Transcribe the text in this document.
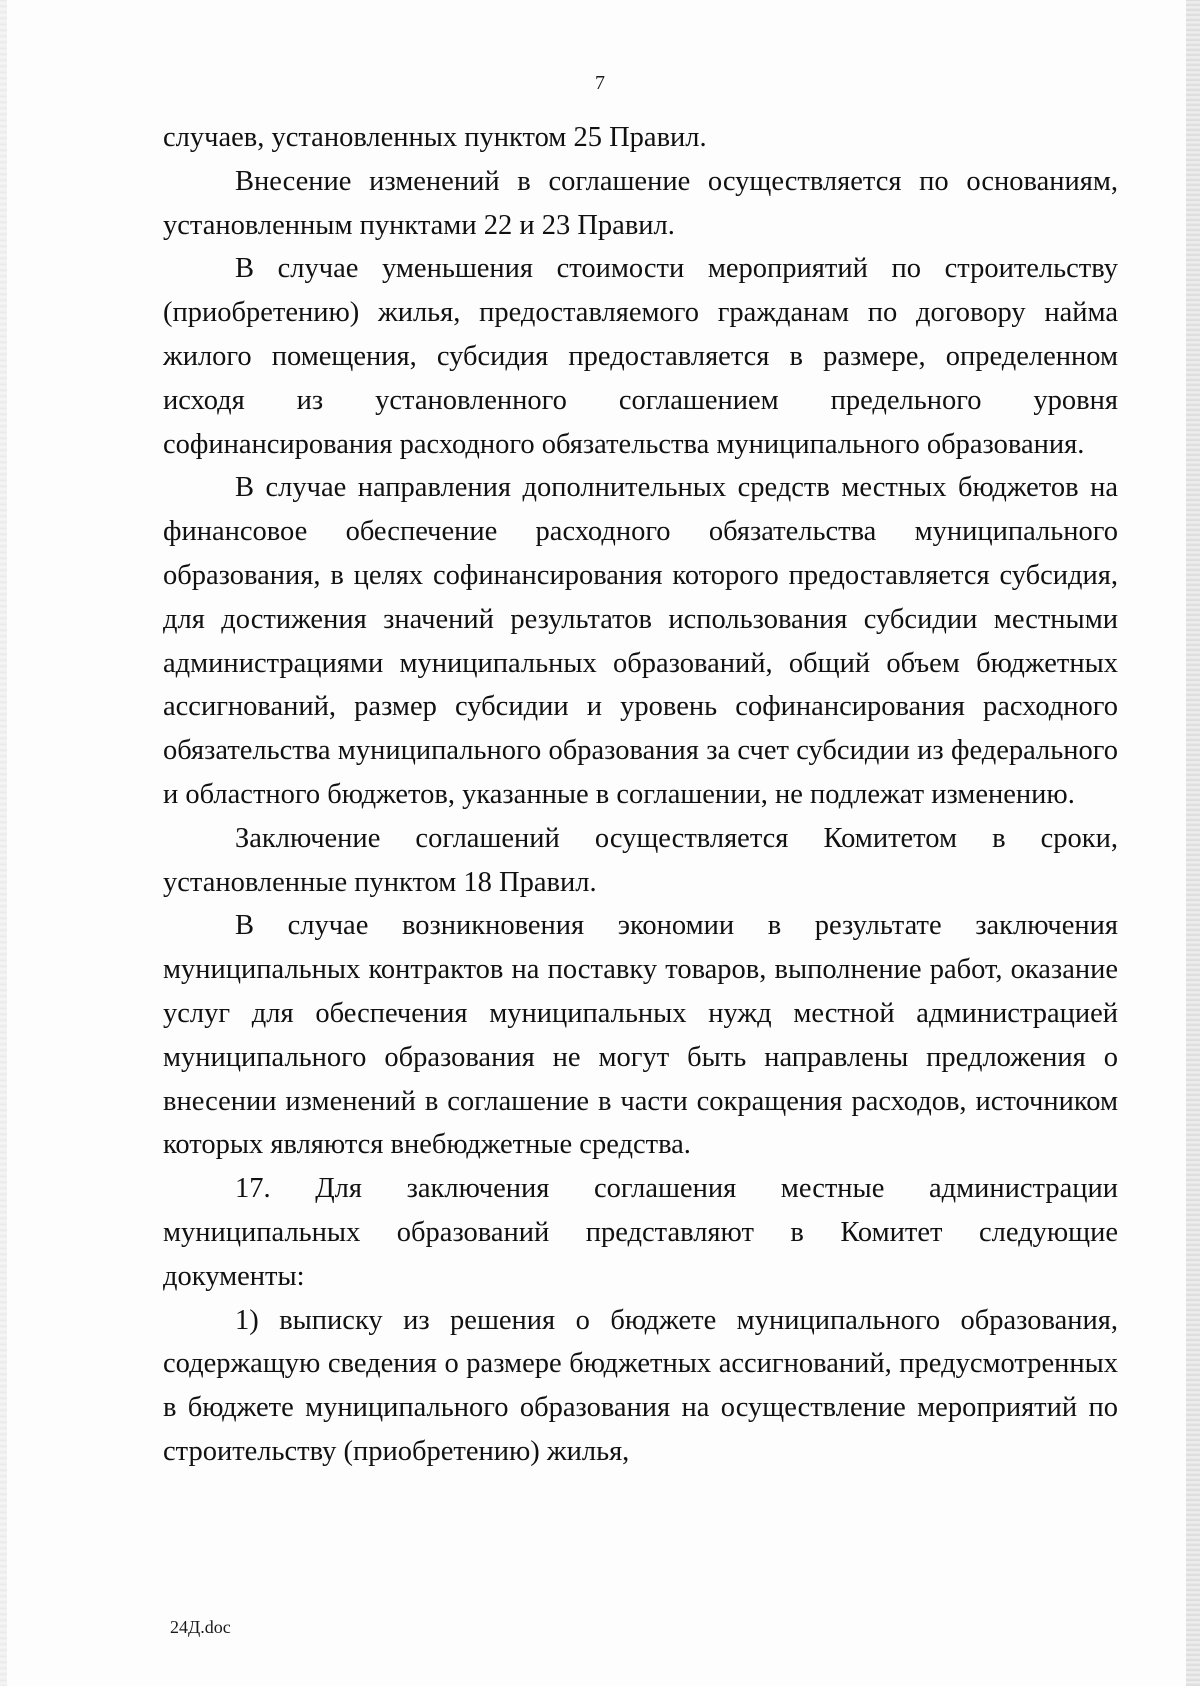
7

случаев, установленных пунктом 25 Правил.

Внесение изменений в соглашение осуществляется по основаниям, установленным пунктами 22 и 23 Правил.

В случае уменьшения стоимости мероприятий по строительству (приобретению) жилья, предоставляемого гражданам по договору найма жилого помещения, субсидия предоставляется в размере, определенном исходя из установленного соглашением предельного уровня софинансирования расходного обязательства муниципального образования.

В случае направления дополнительных средств местных бюджетов на финансовое обеспечение расходного обязательства муниципального образования, в целях софинансирования которого предоставляется субсидия, для достижения значений результатов использования субсидии местными администрациями муниципальных образований, общий объем бюджетных ассигнований, размер субсидии и уровень софинансирования расходного обязательства муниципального образования за счет субсидии из федерального и областного бюджетов, указанные в соглашении, не подлежат изменению.

Заключение соглашений осуществляется Комитетом в сроки, установленные пунктом 18 Правил.

В случае возникновения экономии в результате заключения муниципальных контрактов на поставку товаров, выполнение работ, оказание услуг для обеспечения муниципальных нужд местной администрацией муниципального образования не могут быть направлены предложения о внесении изменений в соглашение в части сокращения расходов, источником которых являются внебюджетные средства.

17. Для заключения соглашения местные администрации муниципальных образований представляют в Комитет следующие документы:

1) выписку из решения о бюджете муниципального образования, содержащую сведения о размере бюджетных ассигнований, предусмотренных в бюджете муниципального образования на осуществление мероприятий по строительству (приобретению) жилья,

24Д.doc
